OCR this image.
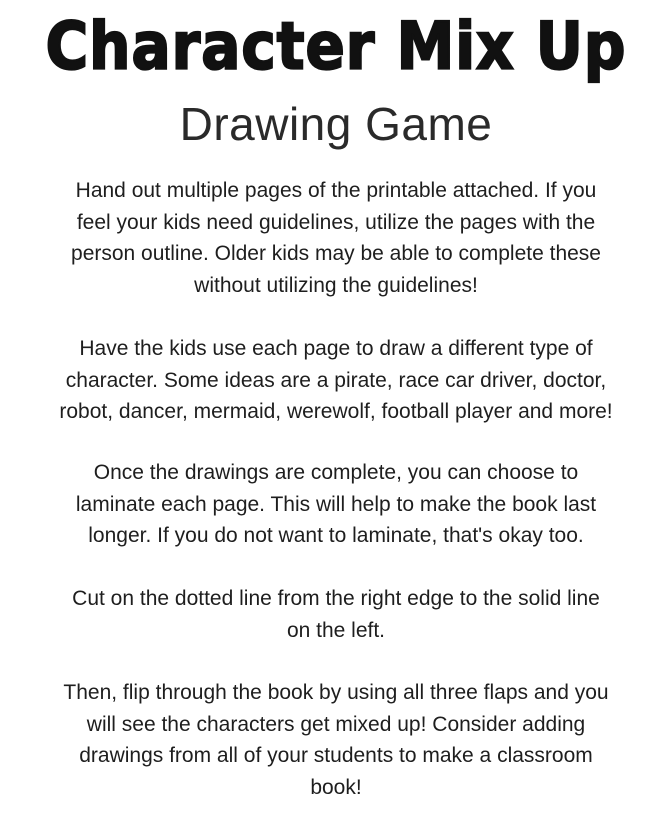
Character Mix Up
Drawing Game
Hand out multiple pages of the printable attached. If you
feel your kids need guidelines, utilize the pages with the
person outline. Older kids may be able to complete these
without utilizing the guidelines!
Have the kids use each page to draw a different type of
character. Some ideas are a pirate, race car driver, doctor,
robot, dancer, mermaid, werewolf, football player and more!
Once the drawings are complete, you can choose to
laminate each page. This will help to make the book last
longer. If you do not want to laminate, that's okay too.
Cut on the dotted line from the right edge to the solid line
on the left.
Then, flip through the book by using all three flaps and you
will see the characters get mixed up! Consider adding
drawings from all of your students to make a classroom
book!
